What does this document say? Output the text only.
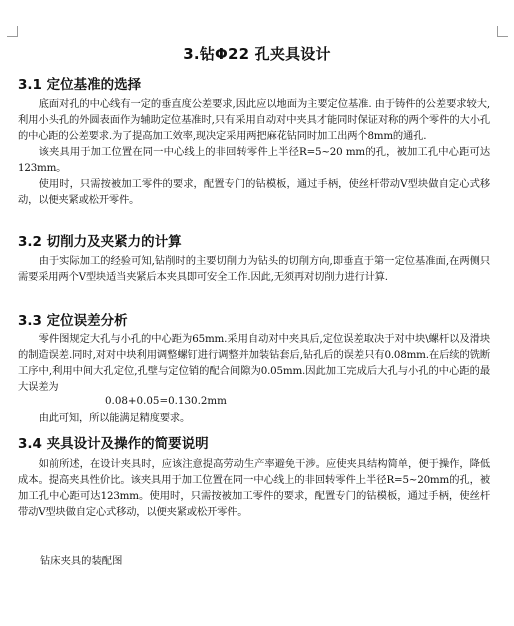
3.钻Φ22 孔夹具设计
3.1 定位基准的选择

底面对孔的中心线有一定的垂直度公差要求,因此应以地面为主要定位基准. 由于铸件的公差要求较大,利用小头孔的外圆表面作为辅助定位基准时,只有采用自动对中夹具才能同时保证对称的两个零件的大小孔的中心距的公差要求.为了提高加工效率,现决定采用两把麻花钻同时加工出两个8mm的通孔.

该夹具用于加工位置在同一中心线上的非回转零件上半径R=5~20 mm的孔，被加工孔中心距可达123mm。

使用时，只需按被加工零件的要求，配置专门的钻模板，通过手柄，使丝杆带动V型块做自定心式移动，以便夹紧或松开零件。

3.2 切削力及夹紧力的计算

由于实际加工的经验可知,钻削时的主要切削力为钻头的切削方向,即垂直于第一定位基准面,在两侧只需要采用两个V型块适当夹紧后本夹具即可安全工作.因此,无须再对切削力进行计算.

3.3 定位误差分析

零件图规定大孔与小孔的中心距为65mm.采用自动对中夹具后,定位误差取决于对中块\螺杆以及滑块的制造误差.同时,对对中块利用调整螺钉进行调整并加装钻套后,钻孔后的误差只有0.08mm.在后续的铣断工序中,利用中间大孔定位,孔壁与定位销的配合间隙为0.05mm.因此加工完成后大孔与小孔的中心距的最大误差为

0.08+0.05=0.130.2mm

由此可知，所以能满足精度要求。

3.4 夹具设计及操作的简要说明

如前所述，在设计夹具时，应该注意提高劳动生产率避免干涉。应使夹具结构简单，便于操作，降低成本。提高夹具性价比。该夹具用于加工位置在同一中心线上的非回转零件上半径R=5~20mm的孔，被加工孔中心距可达123mm。使用时，只需按被加工零件的要求，配置专门的钻模板，通过手柄，使丝杆带动V型块做自定心式移动，以便夹紧或松开零件。

钻床夹具的装配图
